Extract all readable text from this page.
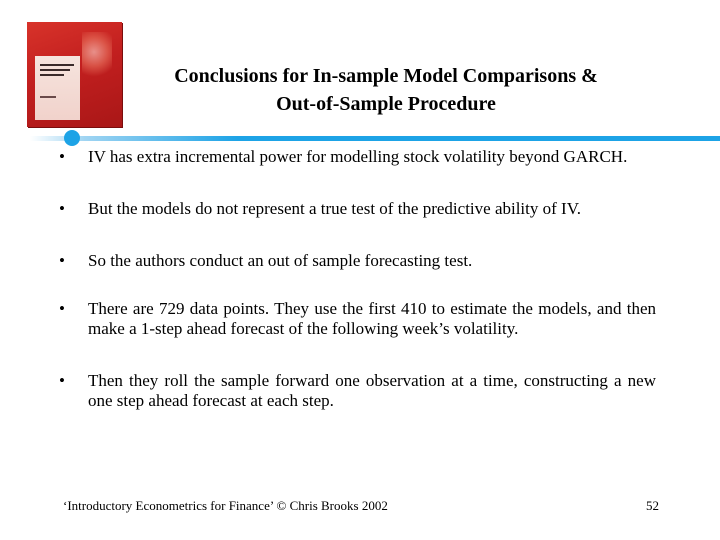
Conclusions for In-sample Model Comparisons &
Out-of-Sample Procedure
• IV has extra incremental power for modelling stock volatility beyond GARCH.
• But the models do not represent a true test of the predictive ability of IV.
• So the authors conduct an out of sample forecasting test.
• There are 729 data points. They use the first 410 to estimate the models, and then make a 1-step ahead forecast of the following week’s volatility.
• Then they roll the sample forward one observation at a time, constructing a new one step ahead forecast at each step.
‘Introductory Econometrics for Finance’ © Chris Brooks 2002	52
